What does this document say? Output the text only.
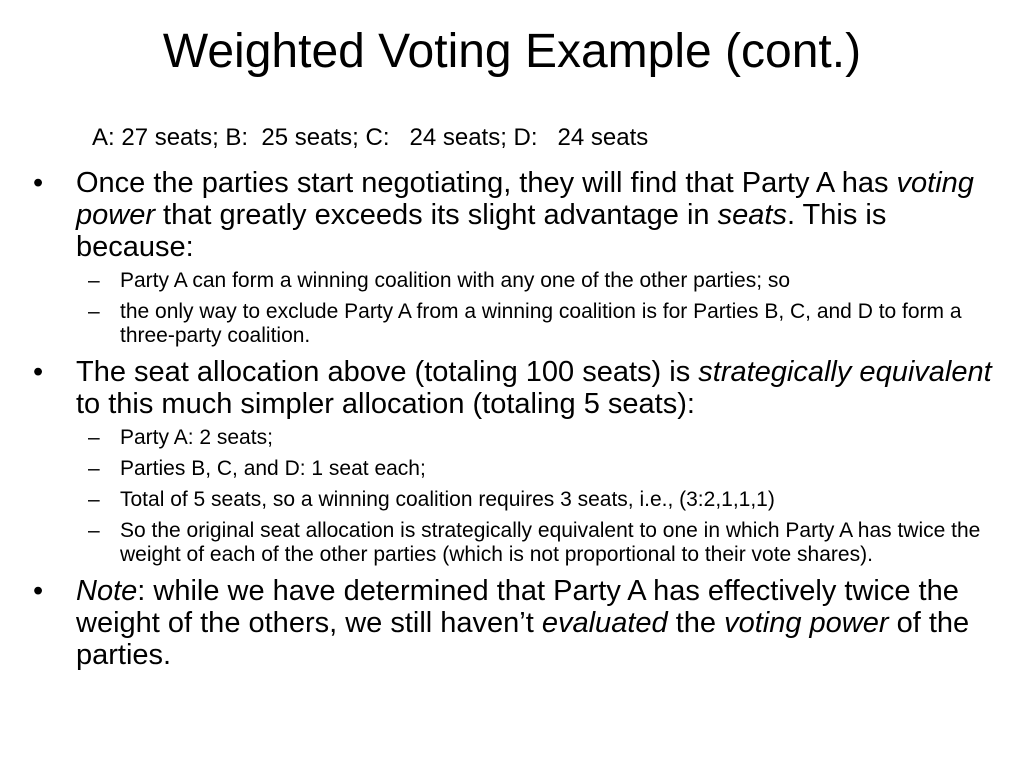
Weighted Voting Example (cont.)
A: 27 seats; B:  25 seats; C:   24 seats; D:   24 seats
• Once the parties start negotiating, they will find that Party A has voting power that greatly exceeds its slight advantage in seats. This is because:
– Party A can form a winning coalition with any one of the other parties; so
– the only way to exclude Party A from a winning coalition is for Parties B, C, and D to form a three-party coalition.
• The seat allocation above (totaling 100 seats) is strategically equivalent to this much simpler allocation (totaling 5 seats):
– Party A: 2 seats;
– Parties B, C, and D: 1 seat each;
– Total of 5 seats, so a winning coalition requires 3 seats, i.e., (3:2,1,1,1)
– So the original seat allocation is strategically equivalent to one in which Party A has twice the weight of each of the other parties (which is not proportional to their vote shares).
• Note: while we have determined that Party A has effectively twice the weight of the others, we still haven’t evaluated the voting power of the parties.
